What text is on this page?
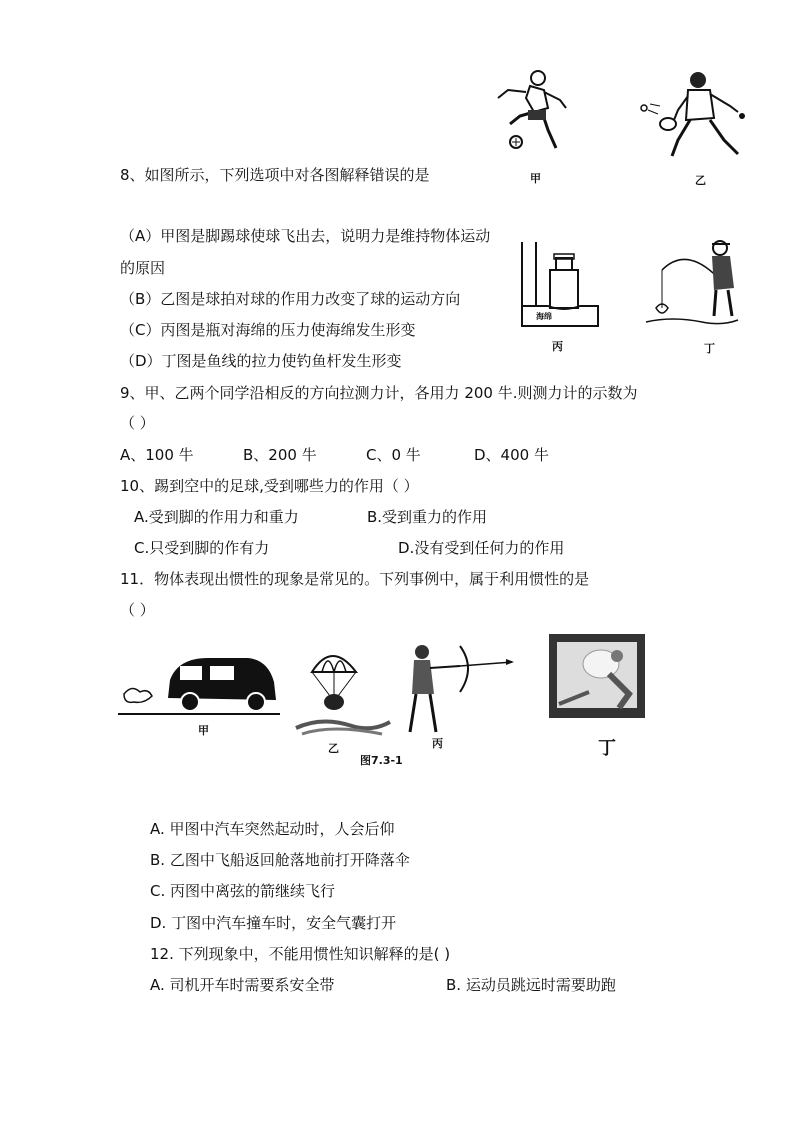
8、如图所示，下列选项中对各图解释错误的是
（A）甲图是脚踢球使球飞出去，说明力是维持物体运动
的原因
（B）乙图是球拍对球的作用力改变了球的运动方向
（C）丙图是瓶对海绵的压力使海绵发生形变
（D）丁图是鱼线的拉力使钓鱼杆发生形变
甲	乙
海绵
丙	丁
9、甲、乙两个同学沿相反的方向拉测力计，各用力 200 牛.则测力计的示数为
（ ）
A、100 牛	B、200 牛	C、0 牛	D、400 牛
10、踢到空中的足球,受到哪些力的作用（ ）
A.受到脚的作用力和重力	B.受到重力的作用
C.只受到脚的作有力	D.没有受到任何力的作用
11．物体表现出惯性的现象是常见的。下列事例中，属于利用惯性的是
（ ）
甲
乙	丙	丁
图7.3-1
A. 甲图中汽车突然起动时，人会后仰
B. 乙图中飞船返回舱落地前打开降落伞
C. 丙图中离弦的箭继续飞行
D. 丁图中汽车撞车时，安全气囊打开
12. 下列现象中，不能用惯性知识解释的是( )
A. 司机开车时需要系安全带	B. 运动员跳远时需要助跑
